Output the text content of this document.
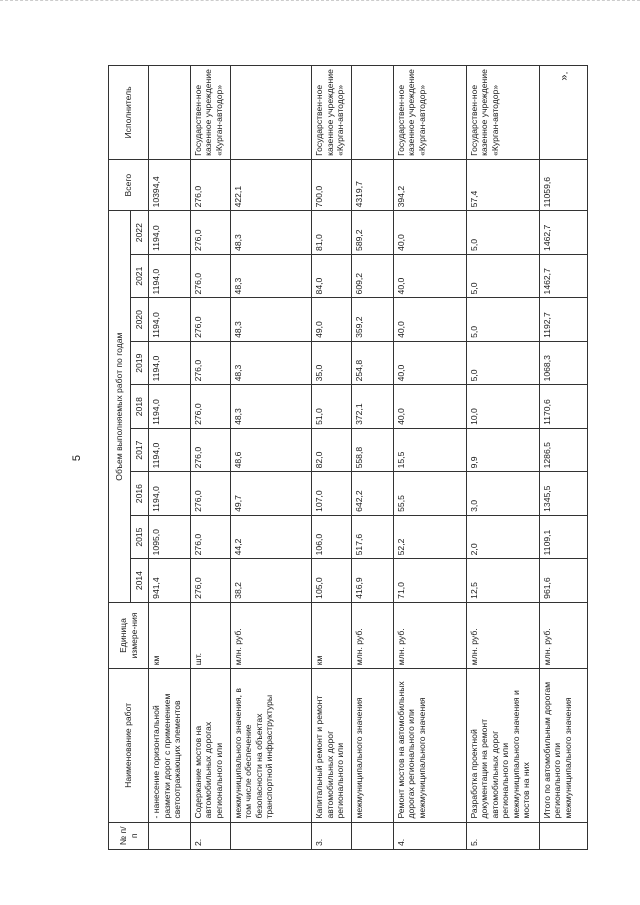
5
».
№ п/п	Наименование работ	Единица измере-ния	Объем выполняемых работ по годам									Всего	Исполнитель
			2014	2015	2016	2017	2018	2019	2020	2021	2022		
	- нанесение горизонтальной разметки дорог с применением светоотражающих элементов	км	941,4	1095,0	1194,0	1194,0	1194,0	1194,0	1194,0	1194,0	1194,0	10394,4	
2.	Содержание мостов на автомобильных дорогах регионального или	шт.	276,0	276,0	276,0	276,0	276,0	276,0	276,0	276,0	276,0	276,0	Государствен-ное казенное учреждение «Курган-автодор»
	межмуниципального значения, в том числе обеспечение безопасности на объектах транспортной инфраструктуры	млн. руб.	38,2	44,2	49,7	48,6	48,3	48,3	48,3	48,3	48,3	422,1	
3.	Капитальный ремонт и ремонт автомобильных дорог регионального или	км	105,0	106,0	107,0	82,0	51,0	35,0	49,0	84,0	81,0	700,0	Государствен-ное казенное учреждение «Курган-автодор»
	межмуниципального значения	млн. руб.	416,9	517,6	642,2	558,8	372,1	254,8	359,2	609,2	589,2	4319,7	
4.	Ремонт мостов на автомобильных дорогах регионального или межмуниципального значения	млн. руб.	71,0	52,2	55,5	15,5	40,0	40,0	40,0	40,0	40,0	394,2	Государствен-ное казенное учреждение «Курган-автодор»
5.	Разработка проектной документации на ремонт автомобильных дорог регионального или межмуниципального значения и мостов на них	млн. руб.	12,5	2,0	3,0	9,9	10,0	5,0	5,0	5,0	5,0	57,4	Государствен-ное казенное учреждение «Курган-автодор»
	Итого по автомобильным дорогам регионального или межмуниципального значения	млн. руб.	961,6	1109,1	1345,5	1286,5	1170,6	1068,3	1192,7	1462,7	1462,7	11059,6	
